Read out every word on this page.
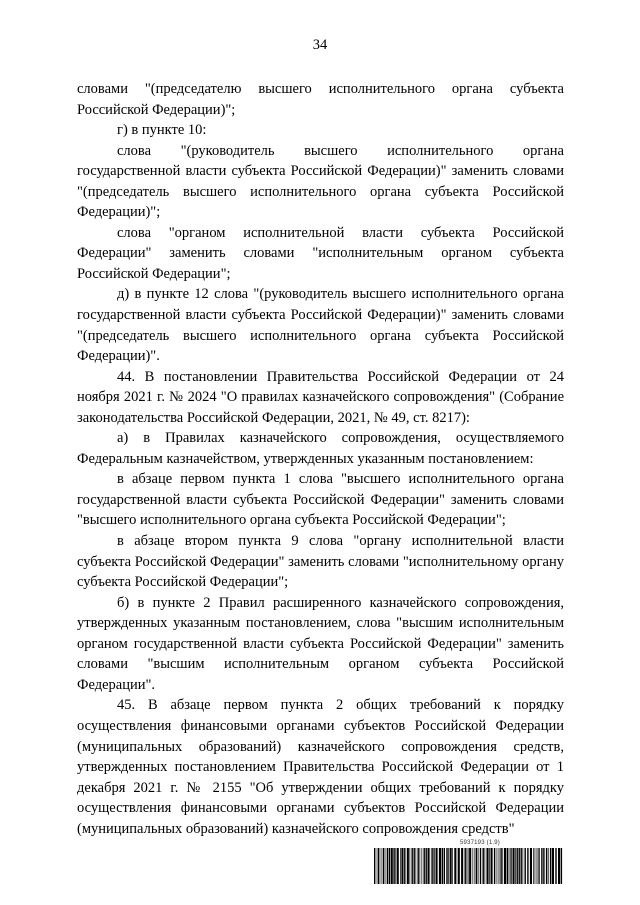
34

словами "(председателю высшего исполнительного органа субъекта Российской Федерации)";

г) в пункте 10:

слова "(руководитель высшего исполнительного органа государственной власти субъекта Российской Федерации)" заменить словами "(председатель высшего исполнительного органа субъекта Российской Федерации)";

слова "органом исполнительной власти субъекта Российской Федерации" заменить словами "исполнительным органом субъекта Российской Федерации";

д) в пункте 12 слова "(руководитель высшего исполнительного органа государственной власти субъекта Российской Федерации)" заменить словами "(председатель высшего исполнительного органа субъекта Российской Федерации)".

44. В постановлении Правительства Российской Федерации от 24 ноября 2021 г. № 2024 "О правилах казначейского сопровождения" (Собрание законодательства Российской Федерации, 2021, № 49, ст. 8217):

а) в Правилах казначейского сопровождения, осуществляемого Федеральным казначейством, утвержденных указанным постановлением:

в абзаце первом пункта 1 слова "высшего исполнительного органа государственной власти субъекта Российской Федерации" заменить словами "высшего исполнительного органа субъекта Российской Федерации";

в абзаце втором пункта 9 слова "органу исполнительной власти субъекта Российской Федерации" заменить словами "исполнительному органу субъекта Российской Федерации";

б) в пункте 2 Правил расширенного казначейского сопровождения, утвержденных указанным постановлением, слова "высшим исполнительным органом государственной власти субъекта Российской Федерации" заменить словами "высшим исполнительным органом субъекта Российской Федерации".

45. В абзаце первом пункта 2 общих требований к порядку осуществления финансовыми органами субъектов Российской Федерации (муниципальных образований) казначейского сопровождения средств, утвержденных постановлением Правительства Российской Федерации от 1 декабря 2021 г. № 2155 "Об утверждении общих требований к порядку осуществления финансовыми органами субъектов Российской Федерации (муниципальных образований) казначейского сопровождения средств"

5937193 (1.9)
